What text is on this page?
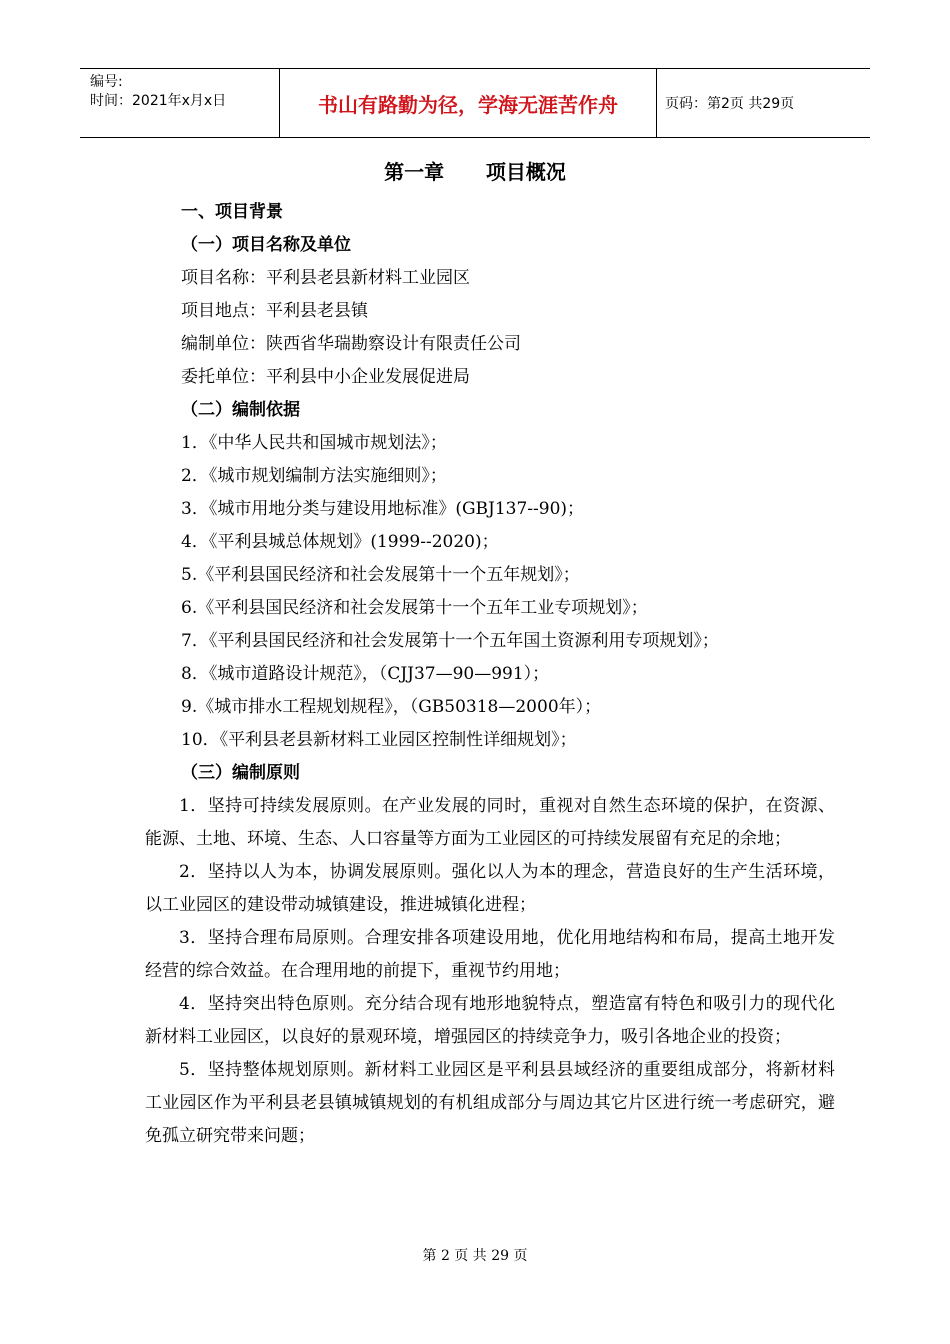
编号:
时间：2021年x月x日	书山有路勤为径，学海无涯苦作舟	页码：第2页 共29页
第一章      项目概况
一、项目背景
（一）项目名称及单位
项目名称：平利县老县新材料工业园区
项目地点：平利县老县镇
编制单位：陕西省华瑞勘察设计有限责任公司
委托单位：平利县中小企业发展促进局
（二）编制依据
1．《中华人民共和国城市规划法》；
2．《城市规划编制方法实施细则》；
3．《城市用地分类与建设用地标准》(GBJ137--90)；
4．《平利县城总体规划》(1999--2020)；
5.《平利县国民经济和社会发展第十一个五年规划》；
6.《平利县国民经济和社会发展第十一个五年工业专项规划》；
7．《平利县国民经济和社会发展第十一个五年国土资源利用专项规划》；
8．《城市道路设计规范》，（CJJ37—90—991）；
9.《城市排水工程规划规程》，（GB50318—2000年）；
10．《平利县老县新材料工业园区控制性详细规划》；
（三）编制原则
1．坚持可持续发展原则。在产业发展的同时，重视对自然生态环境的保护，在资源、能源、土地、环境、生态、人口容量等方面为工业园区的可持续发展留有充足的余地；
2．坚持以人为本，协调发展原则。强化以人为本的理念，营造良好的生产生活环境，以工业园区的建设带动城镇建设，推进城镇化进程；
3．坚持合理布局原则。合理安排各项建设用地，优化用地结构和布局，提高土地开发经营的综合效益。在合理用地的前提下，重视节约用地；
4．坚持突出特色原则。充分结合现有地形地貌特点，塑造富有特色和吸引力的现代化新材料工业园区，以良好的景观环境，增强园区的持续竞争力，吸引各地企业的投资；
5．坚持整体规划原则。新材料工业园区是平利县县域经济的重要组成部分，将新材料工业园区作为平利县老县镇城镇规划的有机组成部分与周边其它片区进行统一考虑研究，避免孤立研究带来问题；
第 2 页 共 29 页
